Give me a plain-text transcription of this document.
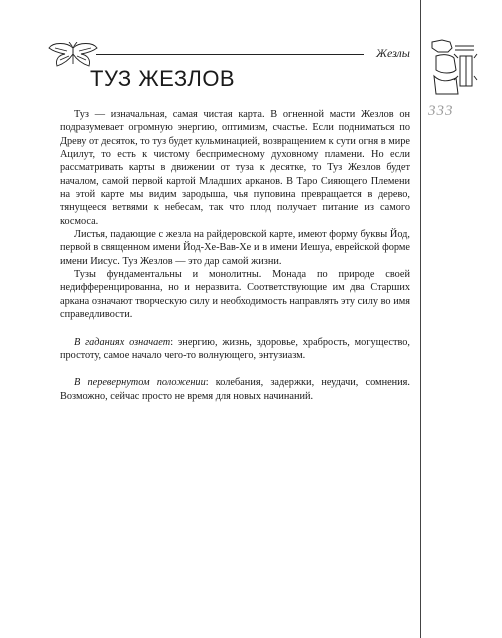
Жезлы
333
ТУЗ ЖЕЗЛОВ

Туз — изначальная, самая чистая карта. В огненной масти Жезлов он подразумевает огромную энергию, оптимизм, счастье. Если подниматься по Древу от десяток, то туз будет кульминацией, возвращением к сути огня в мире Ацилут, то есть к чистому беспримесному духовному пламени. Но если рассматривать карты в движении от туза к десятке, то Туз Жезлов будет началом, самой первой картой Младших арканов. В Таро Сияющего Племени на этой карте мы видим зародыша, чья пуповина превращается в дерево, тянущееся ветвями к небесам, так что плод получает питание из самого космоса.

Листья, падающие с жезла на райдеровской карте, имеют форму буквы Йод, первой в священном имени Йод-Хе-Вав-Хе и в имени Иешуа, еврейской форме имени Иисус. Туз Жезлов — это дар самой жизни.

Тузы фундаментальны и монолитны. Монада по природе своей недифференцированна, но и неразвита. Соответствующие им два Старших аркана означают творческую силу и необходимость направлять эту силу во имя справедливости.

В гаданиях означает: энергию, жизнь, здоровье, храбрость, могущество, простоту, самое начало чего-то волнующего, энтузиазм.

В перевернутом положении: колебания, задержки, неудачи, сомнения. Возможно, сейчас просто не время для новых начинаний.
